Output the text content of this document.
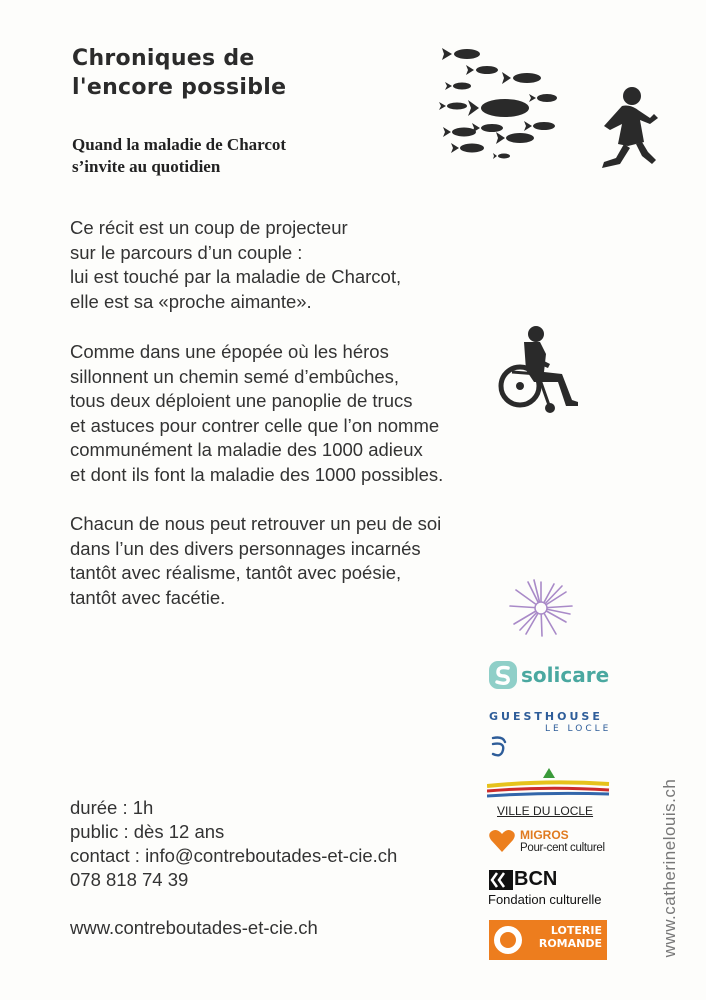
Chroniques de
l'encore possible
Quand la maladie de Charcot
s’invite au quotidien
Ce récit est un coup de projecteur
sur le parcours d’un couple :
lui est touché par la maladie de Charcot,
elle est sa «proche aimante».
Comme dans une épopée où les héros
sillonnent un chemin semé d’embûches,
tous deux déploient une panoplie de trucs
et astuces pour contrer celle que l’on nomme
communément la maladie des 1000 adieux
et dont ils font la maladie des 1000 possibles.
Chacun de nous peut retrouver un peu de soi
dans l’un des divers personnages incarnés
tantôt avec réalisme, tantôt avec poésie,
tantôt avec facétie.
solicare
GUESTHOUSE
LE LOCLE
VILLE DU LOCLE
MIGROS
Pour-cent culturel
BCN
Fondation culturelle
LOTERIE
ROMANDE
durée : 1h
public : dès 12 ans
contact : info@contreboutades-et-cie.ch
078 818 74 39
www.contreboutades-et-cie.ch	www.catherinelouis.ch
